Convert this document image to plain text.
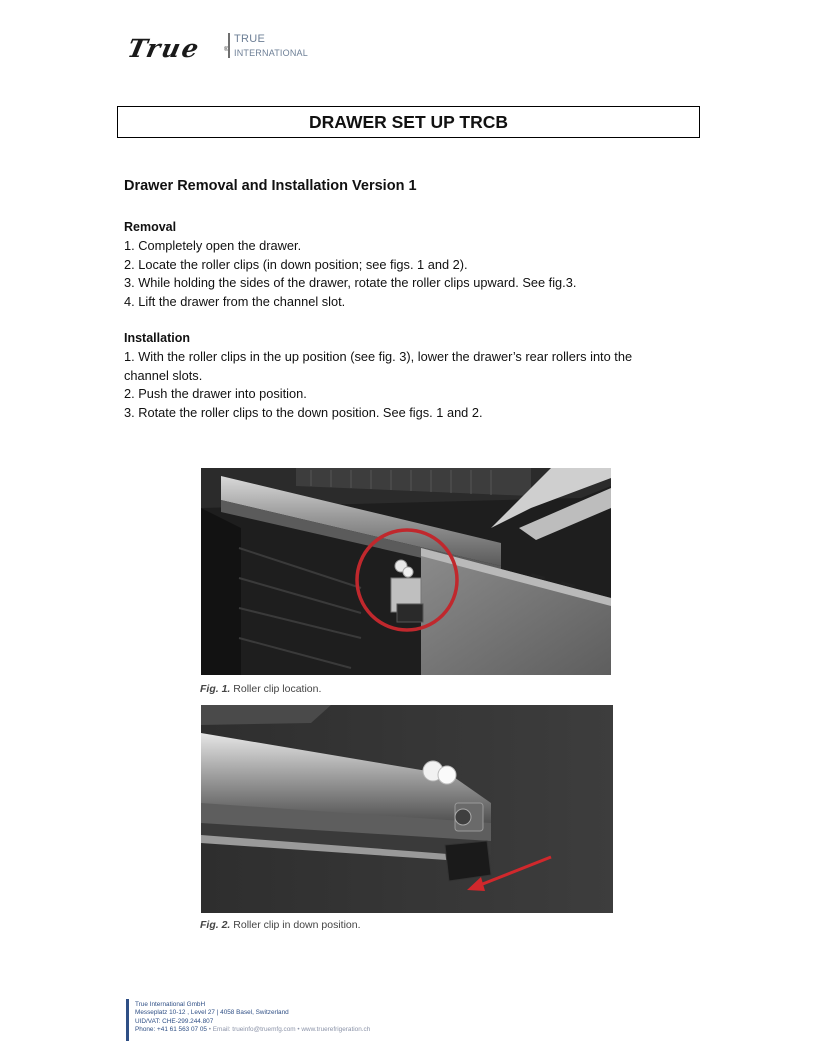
True	®
TRUE
INTERNATIONAL
DRAWER SET UP TRCB
Drawer Removal and Installation Version 1
Removal
1. Completely open the drawer.
2. Locate the roller clips (in down position; see figs. 1 and 2).
3. While holding the sides of the drawer, rotate the roller clips upward. See fig.3.
4. Lift the drawer from the channel slot.
Installation
1. With the roller clips in the up position (see fig. 3), lower the drawer’s rear rollers into the
channel slots.
2. Push the drawer into position.
3. Rotate the roller clips to the down position. See figs. 1 and 2.
Fig. 1. Roller clip location.
Fig. 2. Roller clip in down position.
True International GmbH
Messeplatz 10-12 , Level 27 | 4058 Basel, Switzerland
UID/VAT: CHE-299.244.807
Phone: +41 61 563 07 05 • Email: trueinfo@truemfg.com • www.truerefrigeration.ch
